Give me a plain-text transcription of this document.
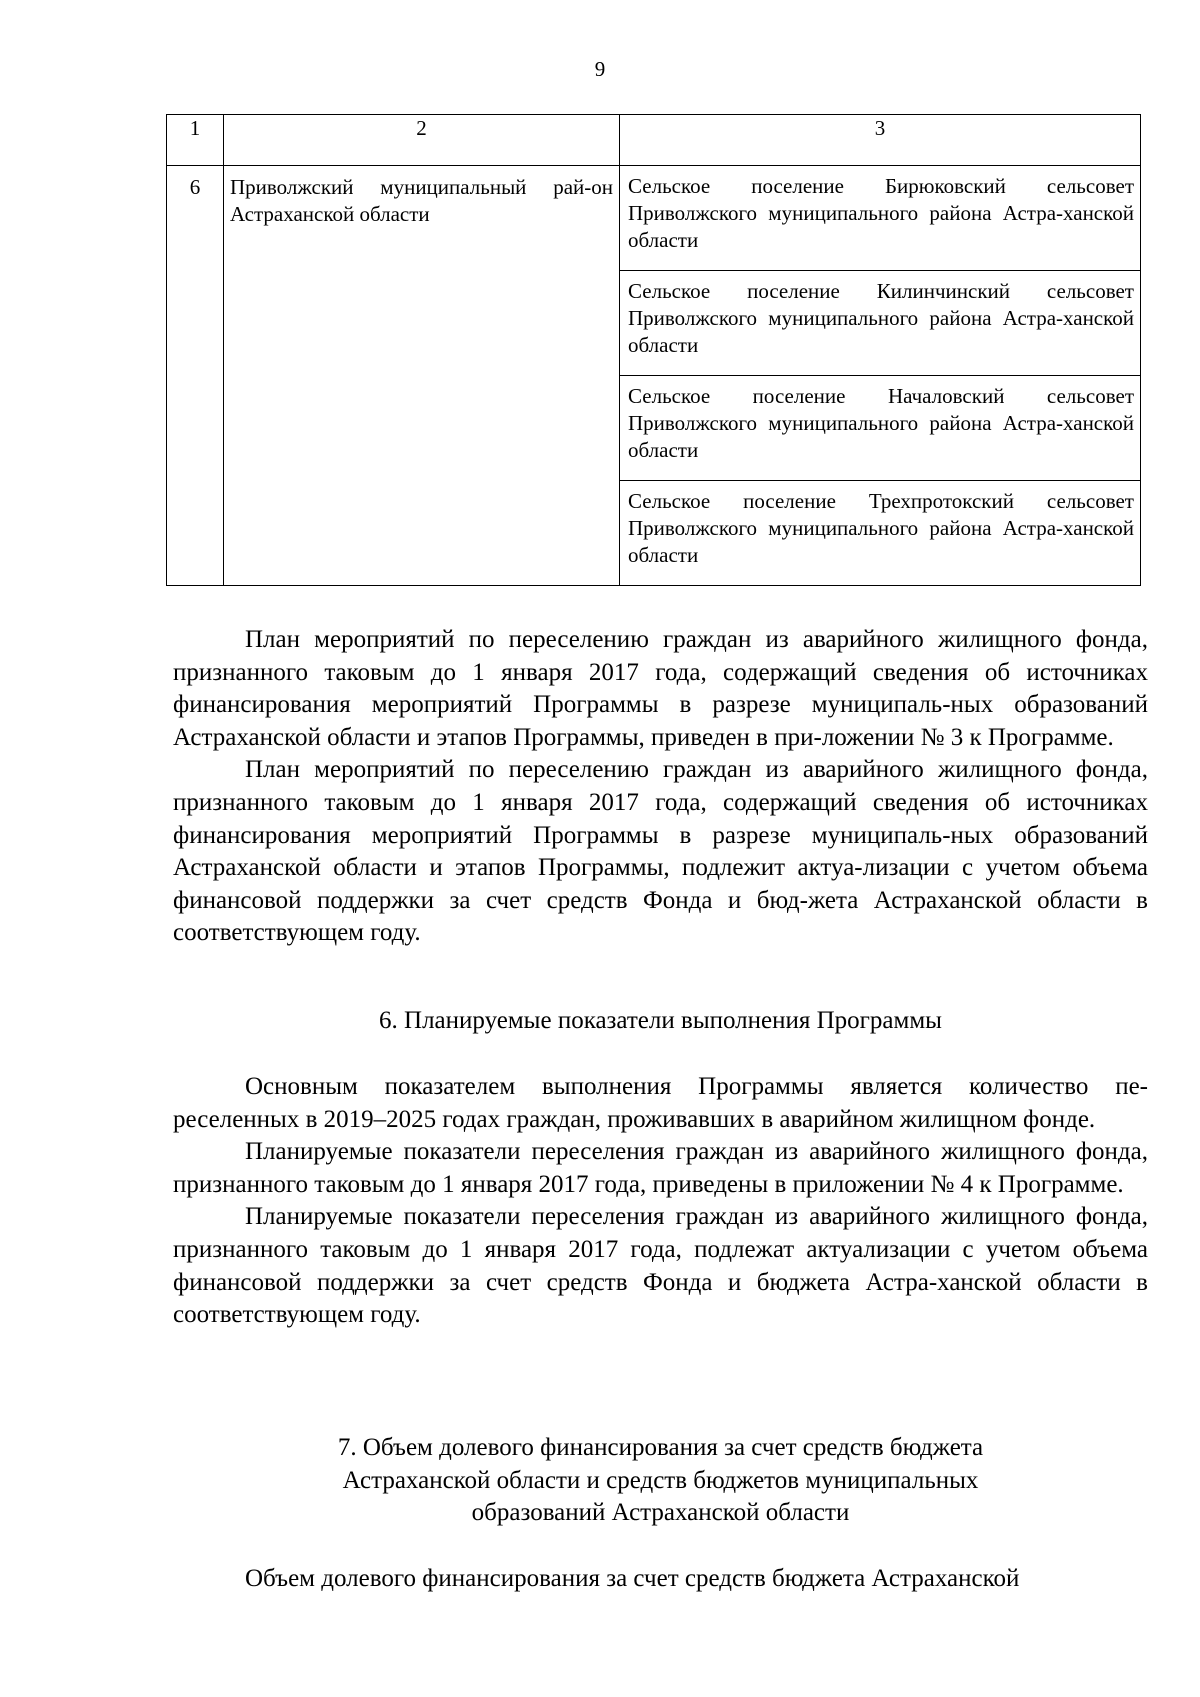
9
1	2	3
6	Приволжский муниципальный рай-он Астраханской области	Сельское поселение Бирюковский сельсовет Приволжского муниципального района Астра-ханской области
		Сельское поселение Килинчинский сельсовет Приволжского муниципального района Астра-ханской области
		Сельское поселение Началовский сельсовет Приволжского муниципального района Астра-ханской области
		Сельское поселение Трехпротокский сельсовет Приволжского муниципального района Астра-ханской области

План мероприятий по переселению граждан из аварийного жилищного фонда, признанного таковым до 1 января 2017 года, содержащий сведения об источниках финансирования мероприятий Программы в разрезе муниципаль-ных образований Астраханской области и этапов Программы, приведен в при-ложении № 3 к Программе.

План мероприятий по переселению граждан из аварийного жилищного фонда, признанного таковым до 1 января 2017 года, содержащий сведения об источниках финансирования мероприятий Программы в разрезе муниципаль-ных образований Астраханской области и этапов Программы, подлежит актуа-лизации с учетом объема финансовой поддержки за счет средств Фонда и бюд-жета Астраханской области в соответствующем году.

6. Планируемые показатели выполнения Программы

Основным показателем выполнения Программы является количество пе-реселенных в 2019–2025 годах граждан, проживавших в аварийном жилищном фонде.

Планируемые показатели переселения граждан из аварийного жилищного фонда, признанного таковым до 1 января 2017 года, приведены в приложении № 4 к Программе.

Планируемые показатели переселения граждан из аварийного жилищного фонда, признанного таковым до 1 января 2017 года, подлежат актуализации с учетом объема финансовой поддержки за счет средств Фонда и бюджета Астра-ханской области в соответствующем году.

7. Объем долевого финансирования за счет средств бюджета
Астраханской области и средств бюджетов муниципальных
образований Астраханской области

Объем долевого финансирования за счет средств бюджета Астраханской
